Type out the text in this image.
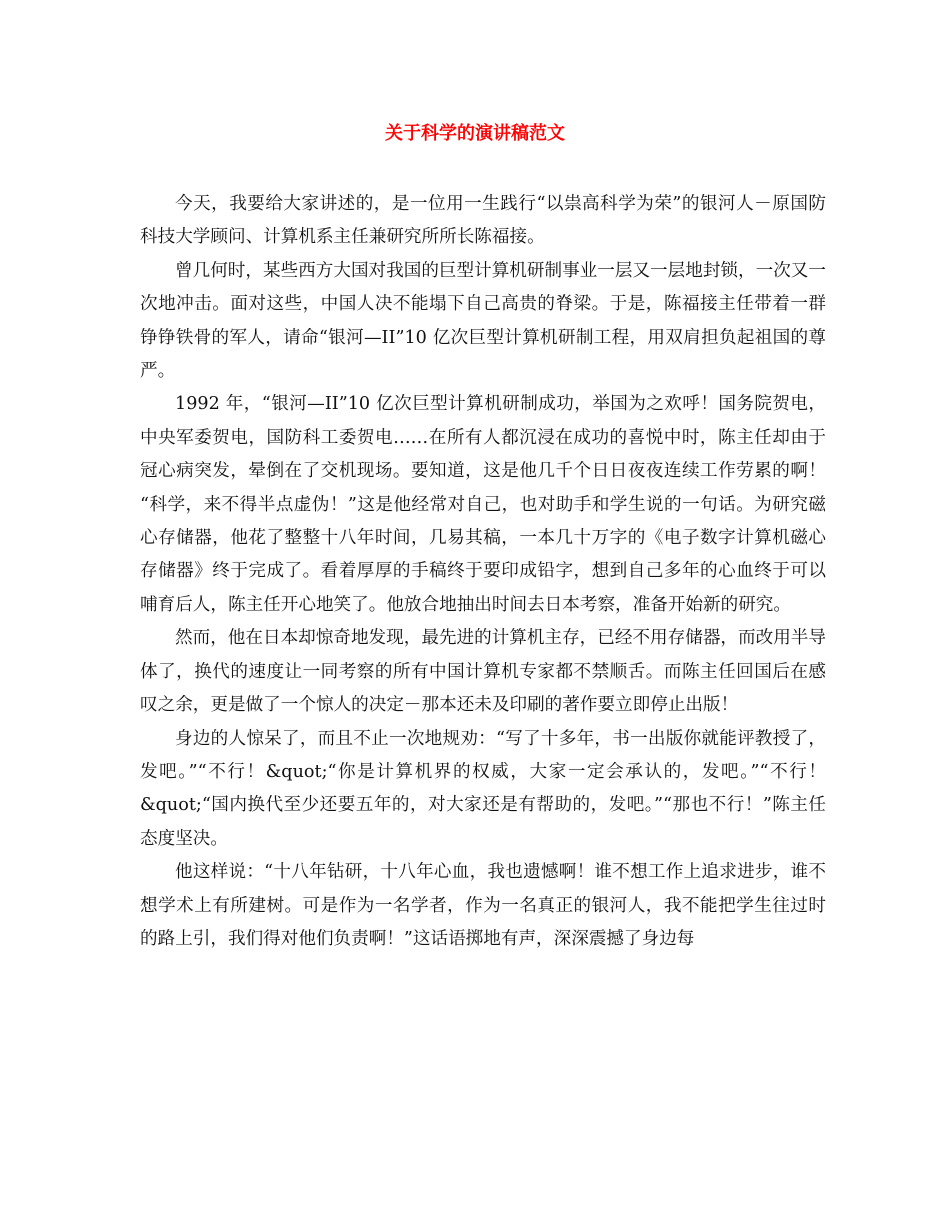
关于科学的演讲稿范文

今天，我要给大家讲述的，是一位用一生践行“以祟高科学为荣”的银河人－原国防科技大学顾问、计算机系主任兼研究所所长陈福接。

曾几何时，某些西方大国对我国的巨型计算机研制事业一层又一层地封锁，一次又一次地冲击。面对这些，中国人决不能塌下自己高贵的脊梁。于是，陈福接主任带着一群铮铮铁骨的军人，请命“银河—II”10 亿次巨型计算机研制工程，用双肩担负起祖国的尊严。

1992 年，“银河—II”10 亿次巨型计算机研制成功，举国为之欢呼！国务院贺电，中央军委贺电，国防科工委贺电……在所有人都沉浸在成功的喜悦中时，陈主任却由于冠心病突发，晕倒在了交机现场。要知道，这是他几千个日日夜夜连续工作劳累的啊！ “科学，来不得半点虚伪！”这是他经常对自己，也对助手和学生说的一句话。为研究磁心存储器，他花了整整十八年时间，几易其稿，一本几十万字的《电子数字计算机磁心存储器》终于完成了。看着厚厚的手稿终于要印成铅字，想到自己多年的心血终于可以哺育后人，陈主任开心地笑了。他放合地抽出时间去日本考察，准备开始新的研究。

然而，他在日本却惊奇地发现，最先进的计算机主存，已经不用存储器，而改用半导体了，换代的速度让一同考察的所有中国计算机专家都不禁顺舌。而陈主任回国后在感叹之余，更是做了一个惊人的决定－那本还未及印刷的著作要立即停止出版！

身边的人惊呆了，而且不止一次地规劝：“写了十多年，书一出版你就能评教授了，发吧。”“不行！&quot;“你是计算机界的权威，大家一定会承认的，发吧。”“不行！&quot;“国内换代至少还要五年的，对大家还是有帮助的，发吧。”“那也不行！”陈主任态度坚决。

他这样说：“十八年钻研，十八年心血，我也遗憾啊！谁不想工作上追求进步，谁不想学术上有所建树。可是作为一名学者，作为一名真正的银河人，我不能把学生往过时的路上引，我们得对他们负责啊！”这话语掷地有声，深深震撼了身边每
